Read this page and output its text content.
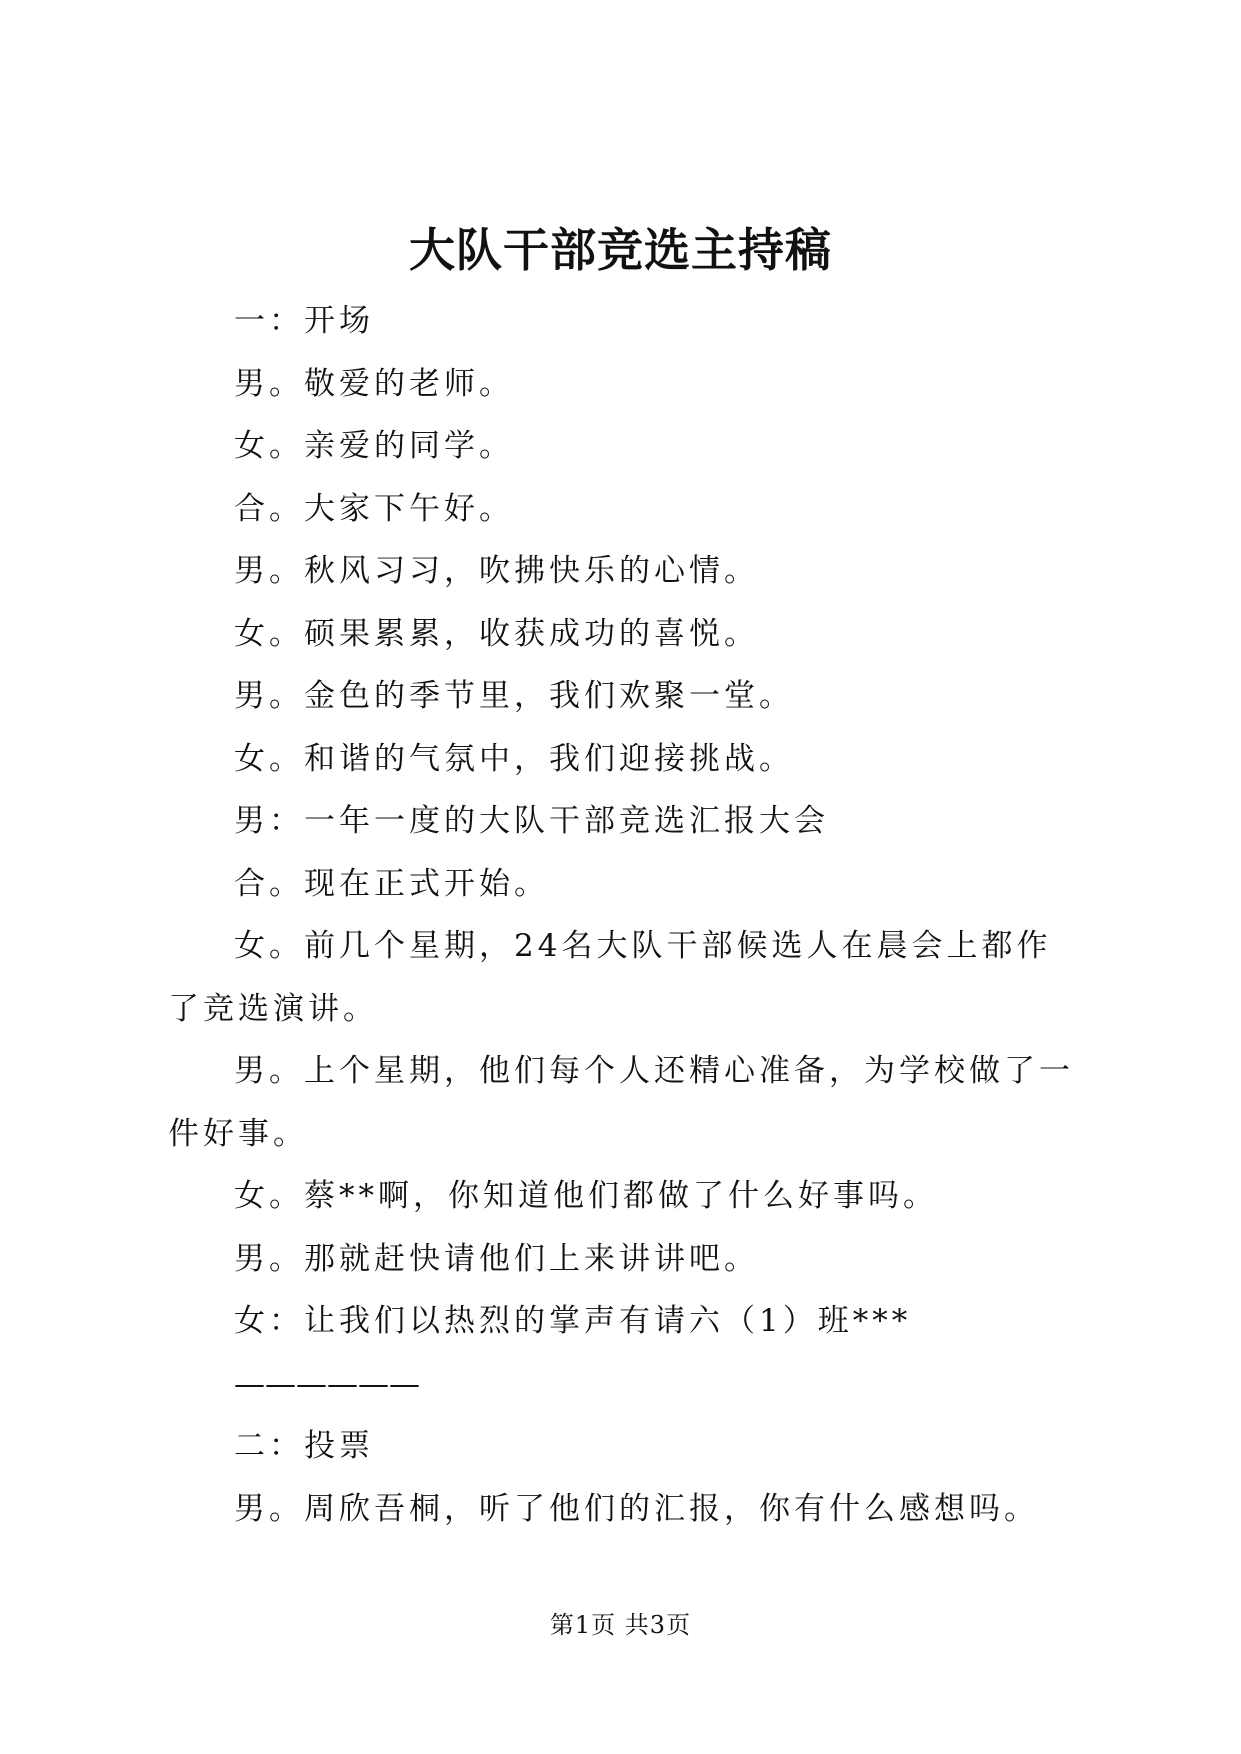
大队干部竞选主持稿

一：开场

男。敬爱的老师。

女。亲爱的同学。

合。大家下午好。

男。秋风习习，吹拂快乐的心情。

女。硕果累累，收获成功的喜悦。

男。金色的季节里，我们欢聚一堂。

女。和谐的气氛中，我们迎接挑战。

男：一年一度的大队干部竞选汇报大会

合。现在正式开始。

女。前几个星期，24名大队干部候选人在晨会上都作了竞选演讲。

男。上个星期，他们每个人还精心准备，为学校做了一件好事。

女。蔡**啊，你知道他们都做了什么好事吗。

男。那就赶快请他们上来讲讲吧。

女：让我们以热烈的掌声有请六（1）班***

——————

二：投票

男。周欣吾桐，听了他们的汇报，你有什么感想吗。

第1页 共3页
